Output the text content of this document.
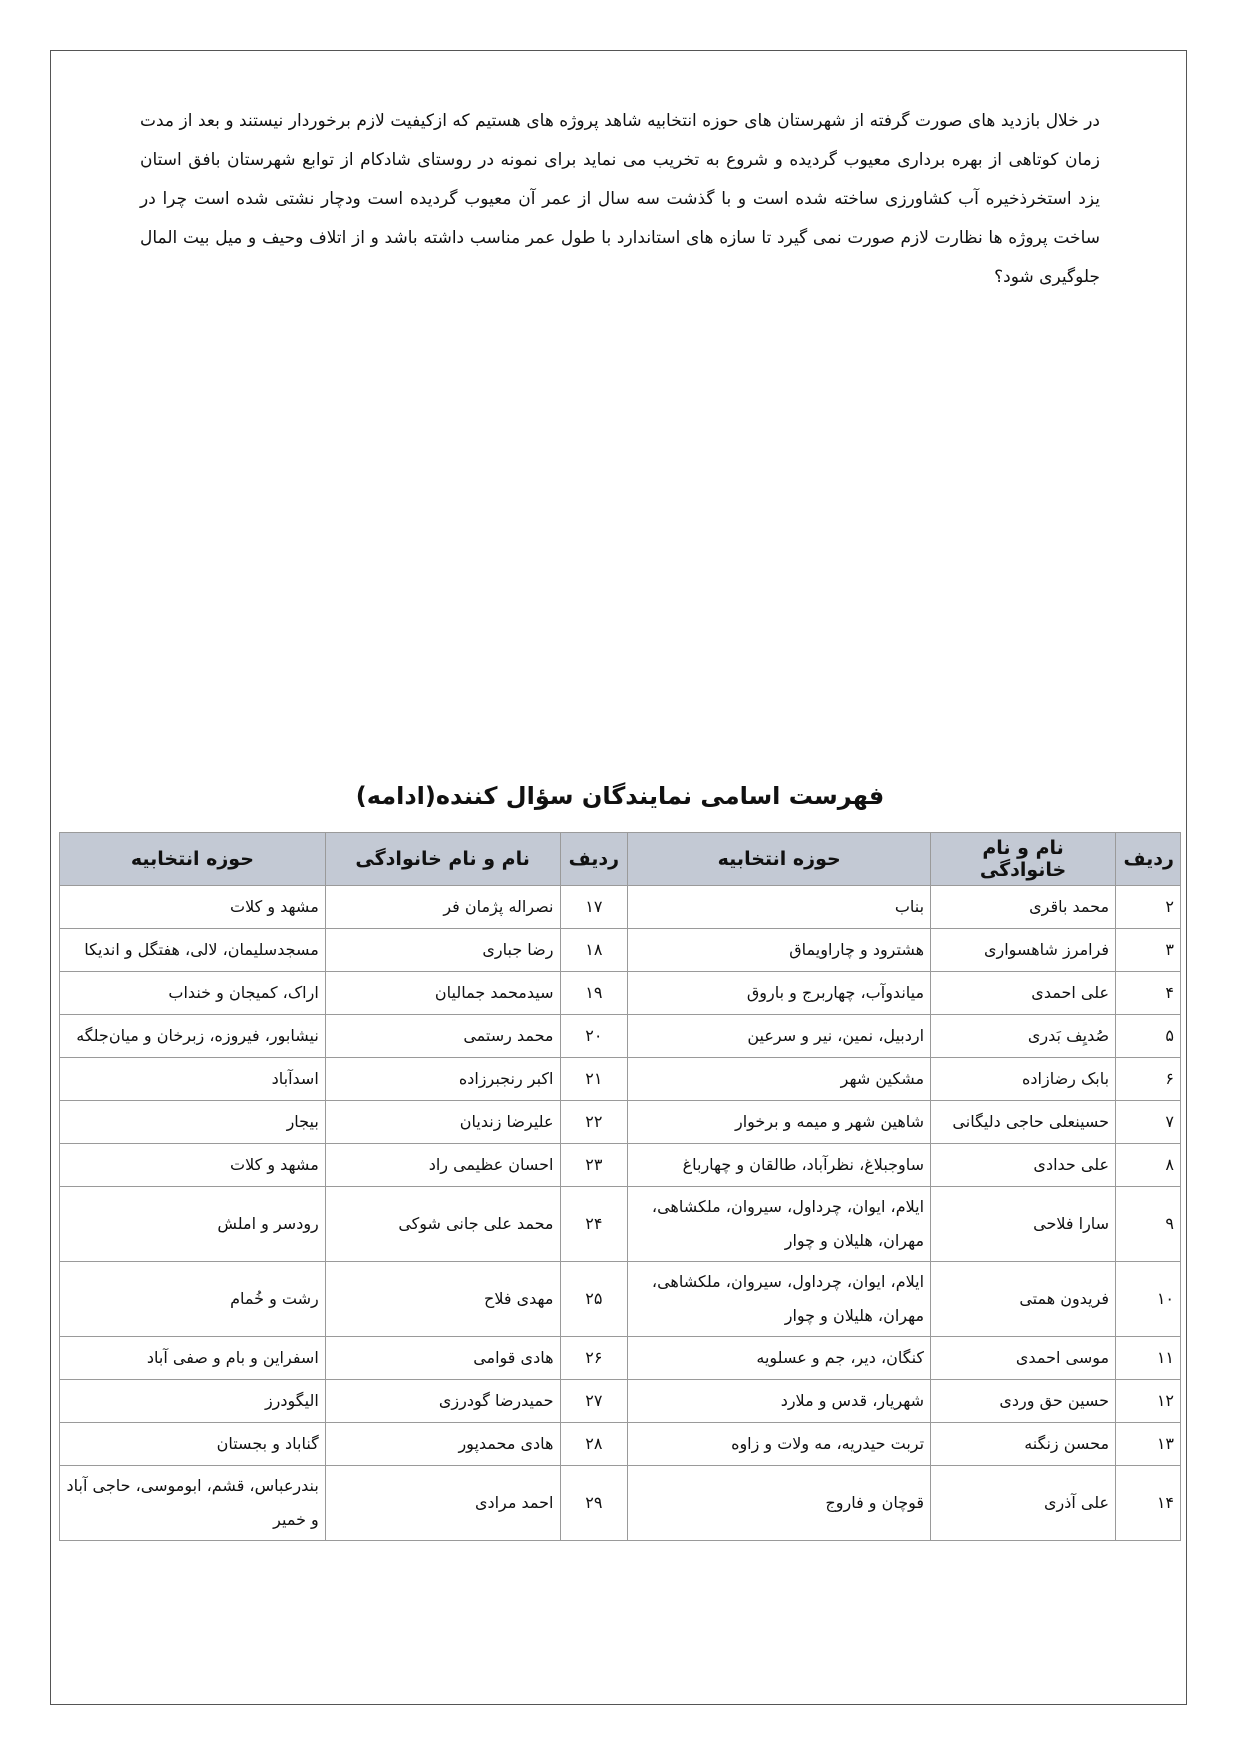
در خلال بازدید های صورت گرفته از شهرستان های حوزه انتخابیه شاهد پروژه های هستیم که ازکیفیت لازم برخوردار نیستند و بعد از مدت زمان کوتاهی از بهره برداری معیوب گردیده و شروع به تخریب می نماید برای نمونه در روستای شادکام از توابع شهرستان بافق استان یزد استخرذخیره آب کشاورزی ساخته شده است و با گذشت سه سال از عمر آن معیوب گردیده است ودچار نشتی شده است چرا در ساخت پروژه ها نظارت لازم صورت نمی گیرد تا سازه های استاندارد با طول عمر مناسب داشته باشد و از اتلاف وحیف و میل بیت المال جلوگیری شود؟

فهرست اسامی نمایندگان سؤال کننده(ادامه)
ردیف	نام و نام خانوادگی	حوزه انتخابیه	ردیف	نام و نام خانوادگی	حوزه انتخابیه
۲	محمد باقری	بناب	۱۷	نصراله پژمان فر	مشهد و کلات
۳	فرامرز شاهسواری	هشترود و چاراویماق	۱۸	رضا جباری	مسجدسلیمان، لالی، هفتگل و اندیکا
۴	علی احمدی	میاندوآب، چهاربرج و باروق	۱۹	سیدمحمد جمالیان	اراک، کمیجان و خنداب
۵	صُدیِف بَدری	اردبیل، نمین، نیر و سرعین	۲۰	محمد رستمی	نیشابور، فیروزه، زبرخان و میان‌جلگه
۶	بابک رضازاده	مشکین شهر	۲۱	اکبر رنجبرزاده	اسدآباد
۷	حسینعلی حاجی دلیگانی	شاهین شهر و میمه و برخوار	۲۲	علیرضا زندیان	بیجار
۸	علی حدادی	ساوجبلاغ، نظرآباد، طالقان و چهارباغ	۲۳	احسان عظیمی راد	مشهد و کلات
۹	سارا فلاحی	ایلام، ایوان، چرداول، سیروان، ملکشاهی، مهران، هلیلان و چوار	۲۴	محمد علی جانی شوکی	رودسر و املش
۱۰	فریدون همتی	ایلام، ایوان، چرداول، سیروان، ملکشاهی، مهران، هلیلان و چوار	۲۵	مهدی فلاح	رشت و خُمام
۱۱	موسی احمدی	کنگان، دیر، جم و عسلویه	۲۶	هادی قوامی	اسفراین و بام و صفی آباد
۱۲	حسین حق وردی	شهریار، قدس و ملارد	۲۷	حمیدرضا گودرزی	الیگودرز
۱۳	محسن زنگنه	تربت حیدریه، مه ولات و زاوه	۲۸	هادی محمدپور	گناباد و بجستان
۱۴	علی آذری	قوچان و فاروج	۲۹	احمد مرادی	بندرعباس، قشم، ابوموسی، حاجی آباد و خمیر
